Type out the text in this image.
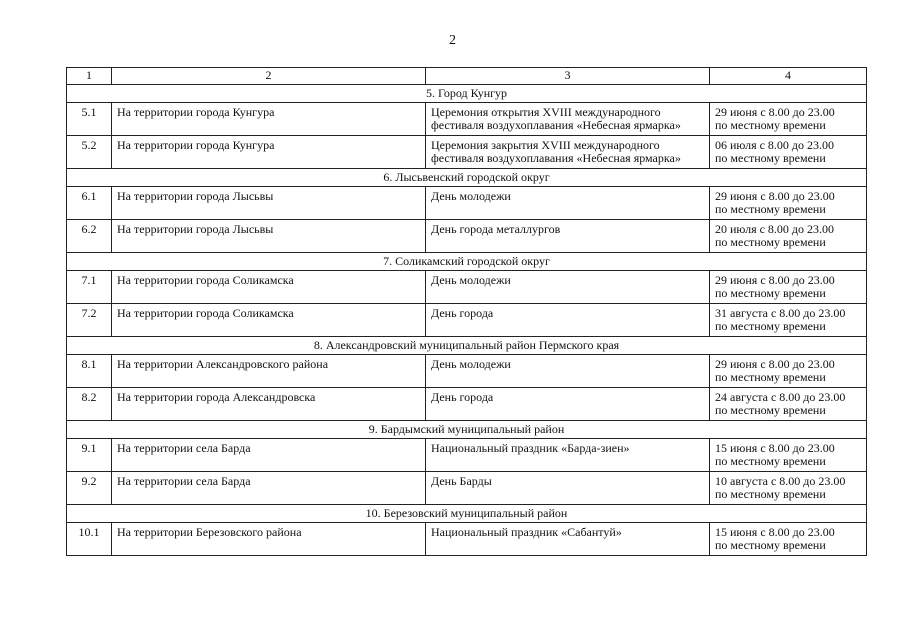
2
1	2	3	4
5. Город Кунгур			
5.1	На территории города Кунгура	Церемония открытия XVIII международного
фестиваля воздухоплавания «Небесная ярмарка»	29 июня с 8.00 до 23.00
по местному времени

5.2	На территории города Кунгура	Церемония закрытия XVIII международного
фестиваля воздухоплавания «Небесная ярмарка»	06 июля с 8.00 до 23.00
по местному времени

6. Лысьвенский городской округ			
6.1	На территории города Лысьвы	День молодежи	29 июня с 8.00 до 23.00
по местному времени

6.2	На территории города Лысьвы	День города металлургов	20 июля с 8.00 до 23.00
по местному времени

7. Соликамский городской округ			
7.1	На территории города Соликамска	День молодежи	29 июня с 8.00 до 23.00
по местному времени

7.2	На территории города Соликамска	День города	31 августа с 8.00 до 23.00
по местному времени

8. Александровский муниципальный район Пермского края			
8.1	На территории Александровского района	День молодежи	29 июня с 8.00 до 23.00
по местному времени

8.2	На территории города Александровска	День города	24 августа с 8.00 до 23.00
по местному времени

9. Бардымский муниципальный район			
9.1	На территории села Барда	Национальный праздник «Барда-зиен»	15 июня с 8.00 до 23.00
по местному времени

9.2	На территории села Барда	День Барды	10 августа с 8.00 до 23.00
по местному времени

10. Березовский муниципальный район			
10.1	На территории Березовского района	Национальный праздник «Сабантуй»	15 июня с 8.00 до 23.00
по местному времени
